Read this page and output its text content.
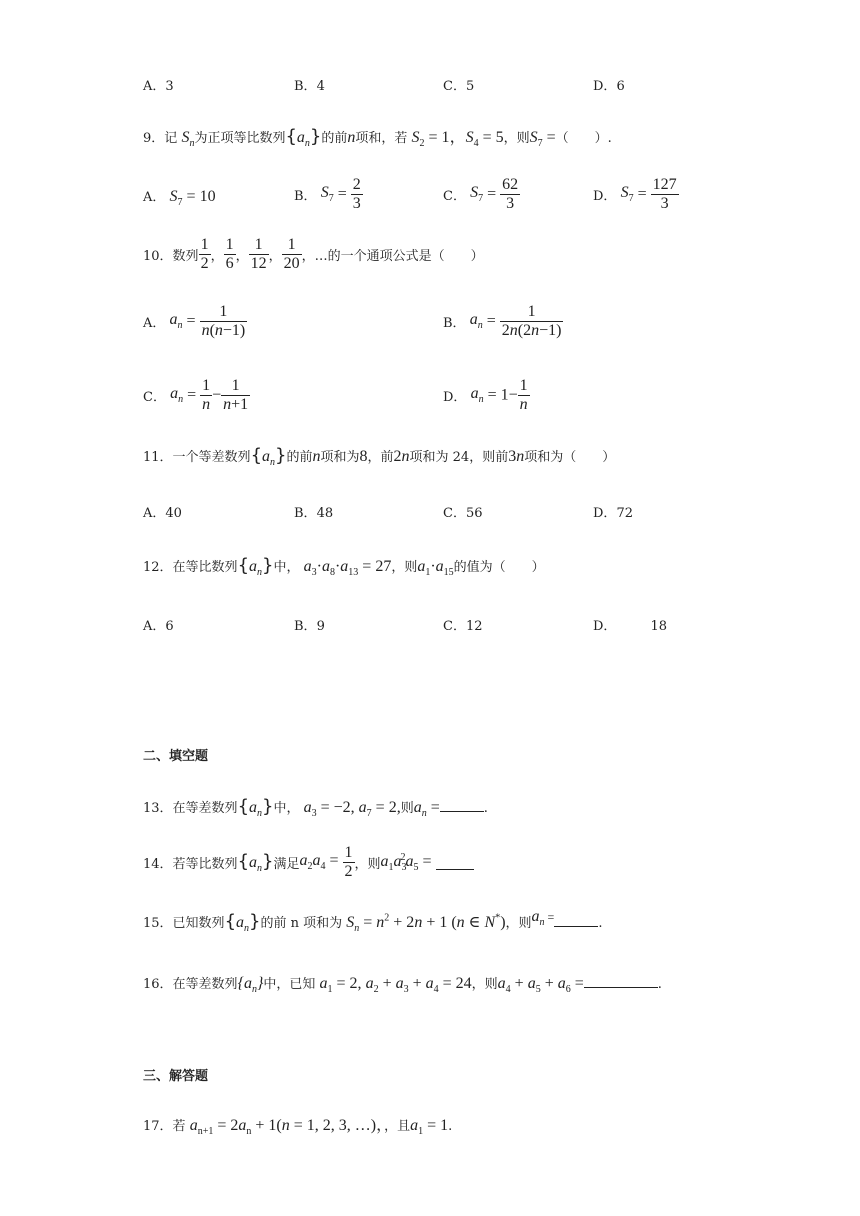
A．3	B．4	C．5	D．6
9．记 $S_n$为正项等比数列$\{a_n\}$的前n项和，若 $S_2 = 1$，$S_4 = 5$，则$S_7$ =（　　）.
A． $S_7 = 10$	B． $S_7 = \frac{2}{3}$	C． $S_7 = \frac{62}{3}$	D． $S_7 = \frac{127}{3}$
10．数列 $\frac{1}{2}$ ， $\frac{1}{6}$ ， $\frac{1}{12}$ ， $\frac{1}{20}$ ，…的一个通项公式是（　　）
A． $a_n = \frac{1}{n(n-1)}$	B． $a_n = \frac{1}{2n(2n-1)}$
C． $a_n = \frac{1}{n} - \frac{1}{n+1}$	D． $a_n = 1- \frac{1}{n}$
11．一个等差数列$\{a_n\}$的前n项和为8，前2n项和为 24，则前3n项和为（　　）
A．40	B．48	C．56	D．72
12．在等比数列$\{a_n\}$中， $a_3\cdot a_8\cdot a_{13} = 27$，则$a_1\cdot a_{15}$的值为（　　）
A．6	B．9	C．12	D．	18
二、填空题
13．在等差数列$\{a_n\}$中， $a_3 = -2$, $a_7 = 2$,则$a_n$ =	.
14．若等比数列$\{a_n\}$满足$a_2a_4 = \frac{1}{2}$ ，则$a_1a_3^2a_5$ =
15．已知数列$\{a_n\}$的前 n 项和为 $S_n = n^2 + 2n + 1$ (n ∈ N*)，则$a_n$ =	.
16．在等差数列$\{a_n\}$中，已知 $a_1 = 2$, $a_2 + a_3 + a_4 = 24$，则$a_4 + a_5 + a_6$ =	.
三、解答题
17．若 $a_{n+1} = 2a_n + 1(n = 1$, 2, 3, …)，，且$a_1 = 1$.
